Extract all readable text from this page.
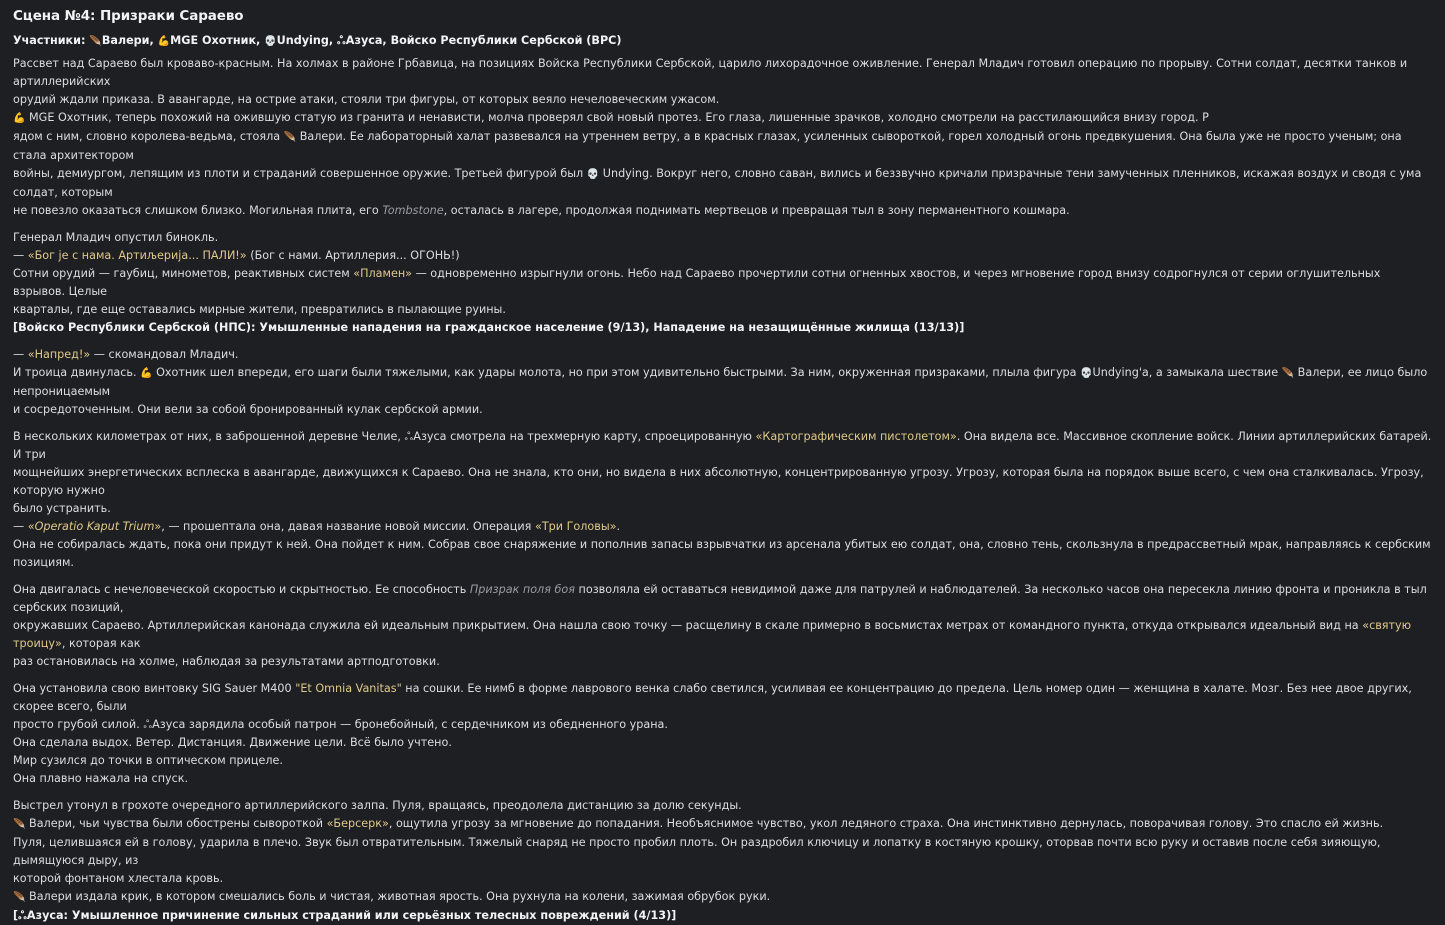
Сцена №4: Призраки Сараево

Участники: 🪶Валери, 💪MGE Охотник, 💀Undying, ஃАзуса, Войско Республики Сербской (ВРС)

Рассвет над Сараево был кроваво-красным. На холмах в районе Грбавица, на позициях Войска Республики Сербской, царило лихорадочное оживление. Генерал Младич готовил операцию по прорыву. Сотни солдат, десятки танков и артиллерийских

орудий ждали приказа. В авангарде, на острие атаки, стояли три фигуры, от которых веяло нечеловеческим ужасом.

💪 MGE Охотник, теперь похожий на ожившую статую из гранита и ненависти, молча проверял свой новый протез. Его глаза, лишенные зрачков, холодно смотрели на расстилающийся внизу город. Р

ядом с ним, словно королева-ведьма, стояла 🪶 Валери. Ее лабораторный халат развевался на утреннем ветру, а в красных глазах, усиленных сывороткой, горел холодный огонь предвкушения. Она была уже не просто ученым; она стала архитектором

войны, демиургом, лепящим из плоти и страданий совершенное оружие. Третьей фигурой был 💀 Undying. Вокруг него, словно саван, вились и беззвучно кричали призрачные тени замученных пленников, искажая воздух и сводя с ума солдат, которым

не повезло оказаться слишком близко. Могильная плита, его Tombstone, осталась в лагере, продолжая поднимать мертвецов и превращая тыл в зону перманентного кошмара.

Генерал Младич опустил бинокль.

— «Бог је с нама. Артиљерија... ПАЛИ!» (Бог с нами. Артиллерия... ОГОНЬ!)

Сотни орудий — гаубиц, минометов, реактивных систем «Пламен» — одновременно изрыгнули огонь. Небо над Сараево прочертили сотни огненных хвостов, и через мгновение город внизу содрогнулся от серии оглушительных взрывов. Целые

кварталы, где еще оставались мирные жители, превратились в пылающие руины.

[Войско Республики Сербской (НПС): Умышленные нападения на гражданское население (9/13), Нападение на незащищённые жилища (13/13)]

— «Напред!» — скомандовал Младич.

И троица двинулась. 💪 Охотник шел впереди, его шаги были тяжелыми, как удары молота, но при этом удивительно быстрыми. За ним, окруженная призраками, плыла фигура 💀Undying'а, а замыкала шествие 🪶 Валери, ее лицо было непроницаемым

и сосредоточенным. Они вели за собой бронированный кулак сербской армии.

В нескольких километрах от них, в заброшенной деревне Челие, ஃАзуса смотрела на трехмерную карту, спроецированную «Картографическим пистолетом». Она видела все. Массивное скопление войск. Линии артиллерийских батарей. И три

мощнейших энергетических всплеска в авангарде, движущихся к Сараево. Она не знала, кто они, но видела в них абсолютную, концентрированную угрозу. Угрозу, которая была на порядок выше всего, с чем она сталкивалась. Угрозу, которую нужно

было устранить.

— «Operatio Kaput Trium», — прошептала она, давая название новой миссии. Операция «Три Головы».

Она не собиралась ждать, пока они придут к ней. Она пойдет к ним. Собрав свое снаряжение и пополнив запасы взрывчатки из арсенала убитых ею солдат, она, словно тень, скользнула в предрассветный мрак, направляясь к сербским позициям.

Она двигалась с нечеловеческой скоростью и скрытностью. Ее способность Призрак поля боя позволяла ей оставаться невидимой даже для патрулей и наблюдателей. За несколько часов она пересекла линию фронта и проникла в тыл сербских позиций,

окружавших Сараево. Артиллерийская канонада служила ей идеальным прикрытием. Она нашла свою точку — расщелину в скале примерно в восьмистах метрах от командного пункта, откуда открывался идеальный вид на «святую троицу», которая как

раз остановилась на холме, наблюдая за результатами артподготовки.

Она установила свою винтовку SIG Sauer M400 "Et Omnia Vanitas" на сошки. Ее нимб в форме лаврового венка слабо светился, усиливая ее концентрацию до предела. Цель номер один — женщина в халате. Мозг. Без нее двое других, скорее всего, были

просто грубой силой. ஃАзуса зарядила особый патрон — бронебойный, с сердечником из обедненного урана.

Она сделала выдох. Ветер. Дистанция. Движение цели. Всё было учтено.

Мир сузился до точки в оптическом прицеле.

Она плавно нажала на спуск.

Выстрел утонул в грохоте очередного артиллерийского залпа. Пуля, вращаясь, преодолела дистанцию за долю секунды.

🪶 Валери, чьи чувства были обострены сывороткой «Берсерк», ощутила угрозу за мгновение до попадания. Необъяснимое чувство, укол ледяного страха. Она инстинктивно дернулась, поворачивая голову. Это спасло ей жизнь.

Пуля, целившаяся ей в голову, ударила в плечо. Звук был отвратительным. Тяжелый снаряд не просто пробил плоть. Он раздробил ключицу и лопатку в костяную крошку, оторвав почти всю руку и оставив после себя зияющую, дымящуюся дыру, из

которой фонтаном хлестала кровь.

🪶 Валери издала крик, в котором смешались боль и чистая, животная ярость. Она рухнула на колени, зажимая обрубок руки.

[ஃАзуса: Умышленное причинение сильных страданий или серьёзных телесных повреждений (4/13)]
